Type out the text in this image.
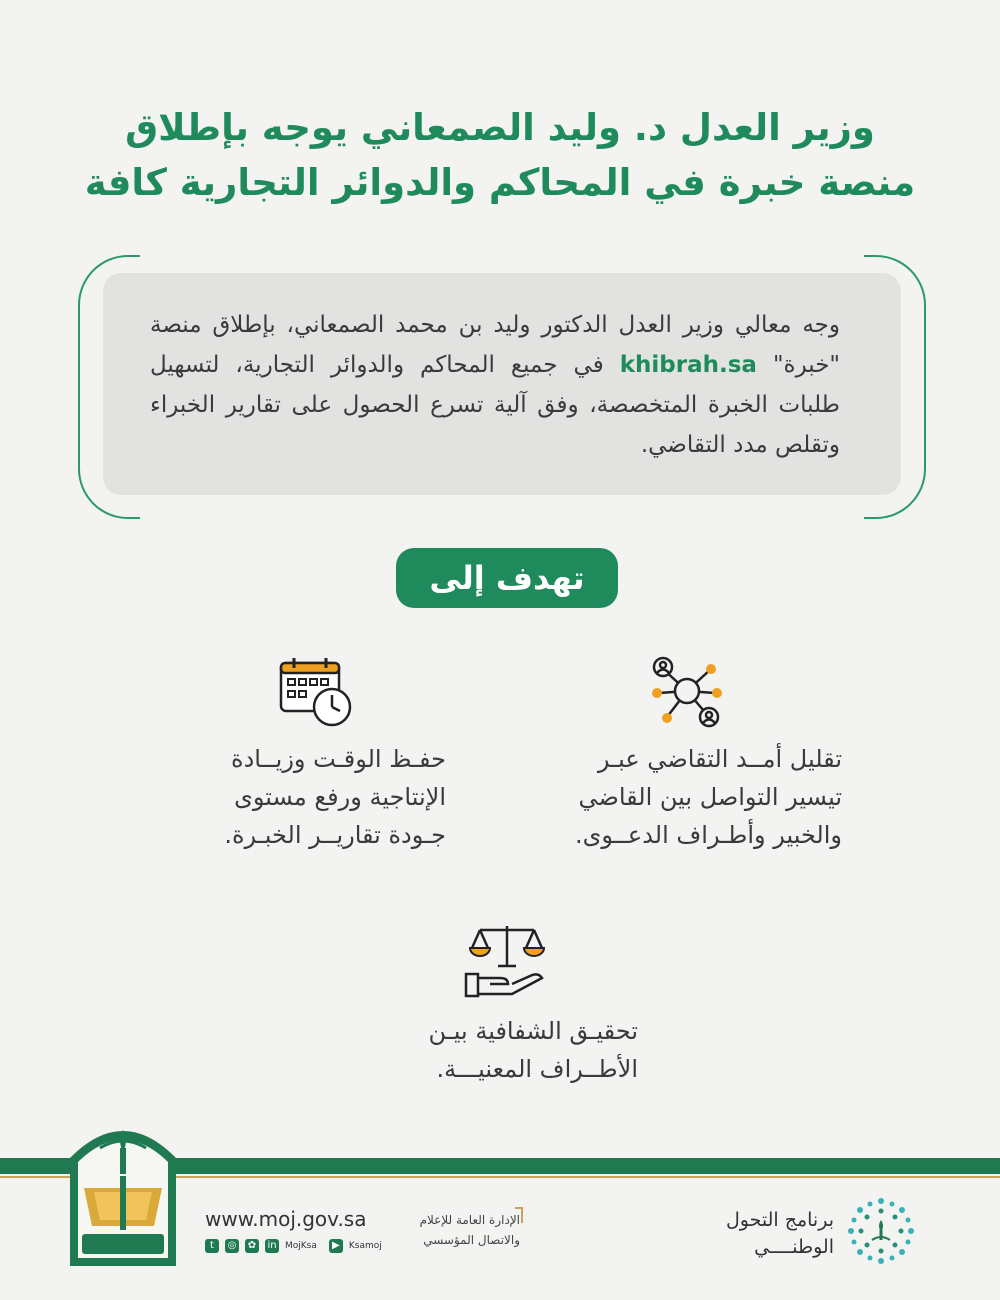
وزير العدل د. وليد الصمعاني يوجه بإطلاق
منصة خبرة في المحاكم والدوائر التجارية كافة
وجه معالي وزير العدل الدكتور وليد بن محمد الصمعاني، بإطلاق منصة "خبرة" khibrah.sa في جميع المحاكم والدوائر التجارية، لتسهيل طلبات الخبرة المتخصصة، وفق آلية تسرع الحصول على تقارير الخبراء وتقلص مدد التقاضي.
تهدف إلى
تقليل أمــد التقاضي عبـر
تيسير التواصل بين القاضي
والخبير وأطـراف الدعــوى.
حفـظ الوقـت وزيــادة
الإنتاجية ورفع مستوى
جـودة تقاريــر الخبـرة.
تحقيـق الشفافية بيـن
الأطــراف المعنيـــة.
www.moj.gov.sa
t	◎ ✿ in MojKsa	▶	Ksamoj
الإدارة العامة للإعلام
والاتصال المؤسسي
برنامج التحول
الوطنــــي
